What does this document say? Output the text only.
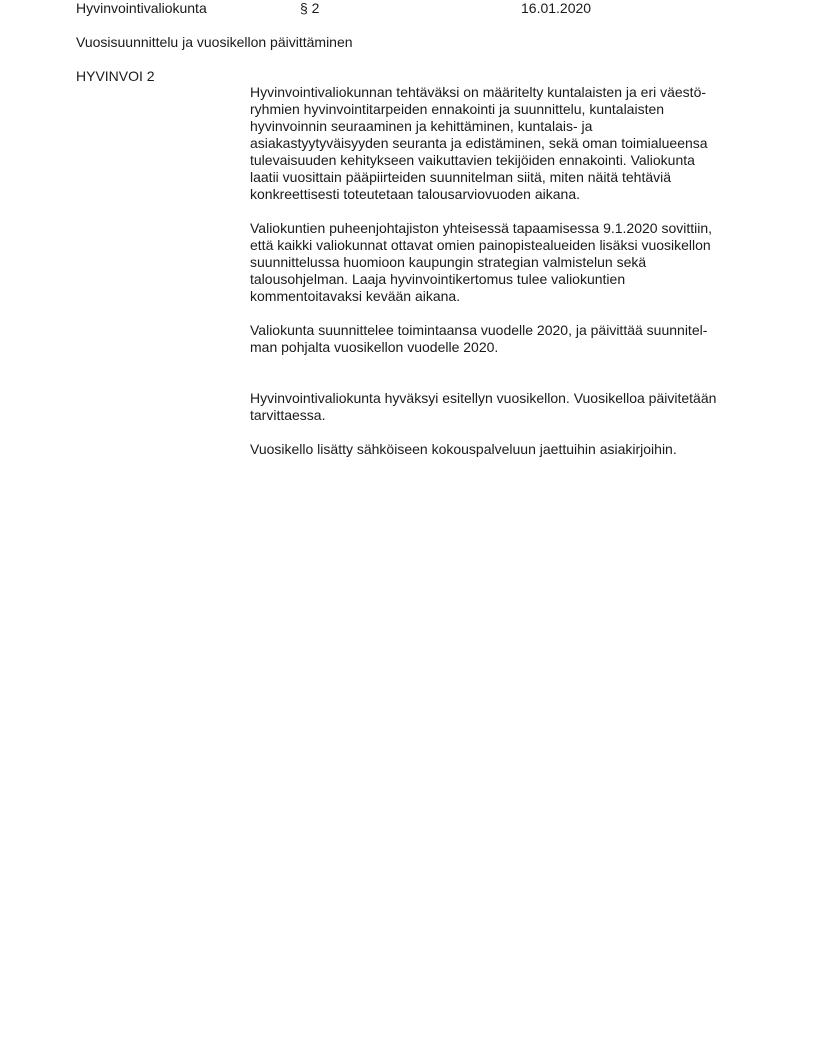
Hyvinvointivaliokunta	§ 2	16.01.2020
Vuosisuunnittelu ja vuosikellon päivittäminen
HYVINVOI 2

Hyvinvointivaliokunnan tehtäväksi on määritelty kuntalaisten ja eri väestö-
ryhmien hyvinvointitarpeiden ennakointi ja suunnittelu, kuntalaisten
hyvinvoinnin seuraaminen ja kehittäminen, kuntalais- ja
asiakastyytyväisyyden seuranta ja edistäminen, sekä oman toimialueensa
tulevaisuuden kehitykseen vaikuttavien tekijöiden ennakointi. Valiokunta
laatii vuosittain pääpiirteiden suunnitelman siitä, miten näitä tehtäviä
konkreettisesti toteutetaan talousarviovuoden aikana.

Valiokuntien puheenjohtajiston yhteisessä tapaamisessa 9.1.2020 sovittiin,
että kaikki valiokunnat ottavat omien painopistealueiden lisäksi vuosikellon
suunnittelussa huomioon kaupungin strategian valmistelun sekä
talousohjelman. Laaja hyvinvointikertomus tulee valiokuntien
kommentoitavaksi kevään aikana.

Valiokunta suunnittelee toimintaansa vuodelle 2020, ja päivittää suunnitel-
man pohjalta vuosikellon vuodelle 2020.

Hyvinvointivaliokunta hyväksyi esitellyn vuosikellon. Vuosikelloa päivitetään
tarvittaessa.

Vuosikello lisätty sähköiseen kokouspalveluun jaettuihin asiakirjoihin.
